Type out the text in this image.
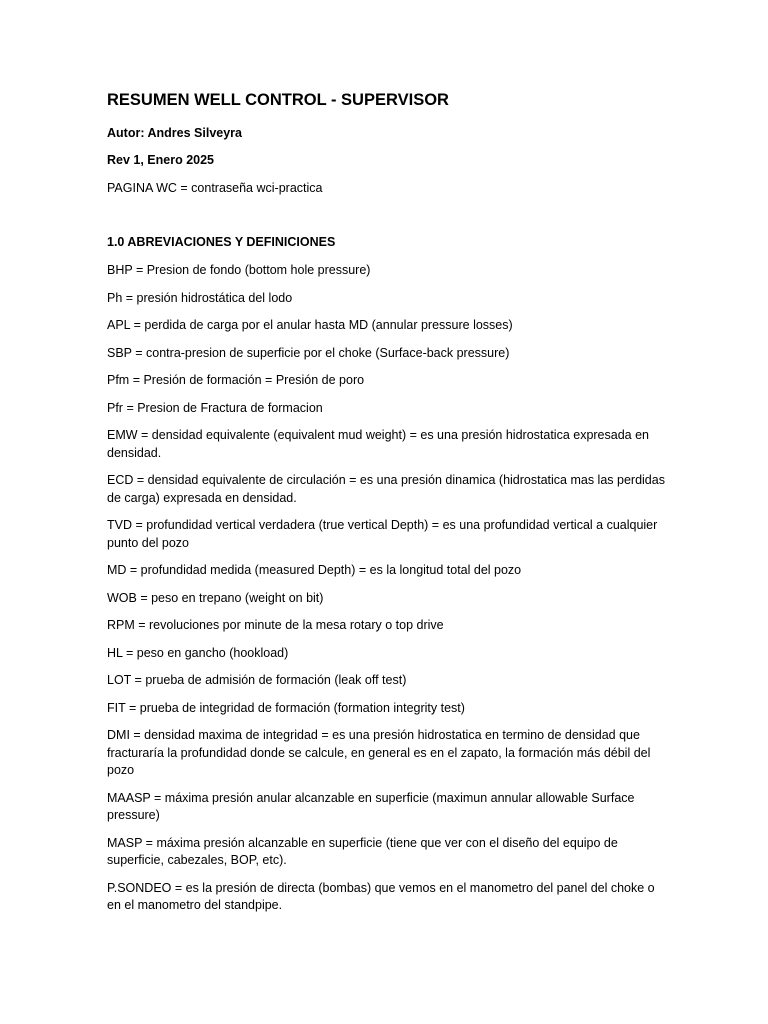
RESUMEN WELL CONTROL - SUPERVISOR

Autor: Andres Silveyra

Rev 1, Enero 2025

PAGINA WC = contraseña wci-practica

1.0 ABREVIACIONES Y DEFINICIONES
BHP = Presion de fondo (bottom hole pressure)
Ph = presión hidrostática del lodo
APL = perdida de carga por el anular hasta MD (annular pressure losses)
SBP = contra-presion de superficie por el choke (Surface-back pressure)
Pfm = Presión de formación = Presión de poro
Pfr = Presion de Fractura de formacion
EMW = densidad equivalente (equivalent mud weight) = es una presión hidrostatica expresada en densidad.
ECD = densidad equivalente de circulación = es una presión dinamica (hidrostatica mas las perdidas de carga) expresada en densidad.
TVD = profundidad vertical verdadera (true vertical Depth) = es una profundidad vertical a cualquier punto del pozo
MD = profundidad medida (measured Depth) = es la longitud total del pozo
WOB = peso en trepano (weight on bit)
RPM = revoluciones por minute de la mesa rotary o top drive
HL = peso en gancho (hookload)
LOT = prueba de admisión de formación (leak off test)
FIT = prueba de integridad de formación (formation integrity test)
DMI = densidad maxima de integridad = es una presión hidrostatica en termino de densidad que fracturaría la profundidad donde se calcule, en general es en el zapato, la formación más débil del pozo
MAASP = máxima presión anular alcanzable en superficie (maximun annular allowable Surface pressure)
MASP = máxima presión alcanzable en superficie (tiene que ver con el diseño del equipo de superficie, cabezales, BOP, etc).
P.SONDEO = es la presión de directa (bombas) que vemos en el manometro del panel del choke o en el manometro del standpipe.
